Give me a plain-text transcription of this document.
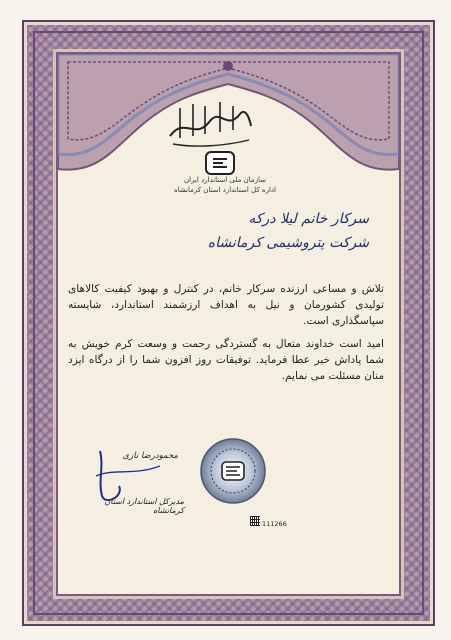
سازمان ملی استاندارد ایران
اداره کل استاندارد استان کرمانشاه
سرکار خانم لیلا درکه
شرکت پتروشیمی کرمانشاه
تلاش و مساعی ارزنده سرکار خانم، در کنترل و بهبود کیفیت کالاهای تولیدی کشورمان و نیل به اهداف ارزشمند استاندارد، شایسته سپاسگذاری است.
امید است خداوند متعال به گستردگی رحمت و وسعت کرم خویش به شما پاداش خیر عطا فرماید. توفیقات روز افزون شما را از درگاه ایزد منان مسئلت می نمایم.
محمودرضا نازی
مدیرکل استاندارد استان کرمانشاه
111266
